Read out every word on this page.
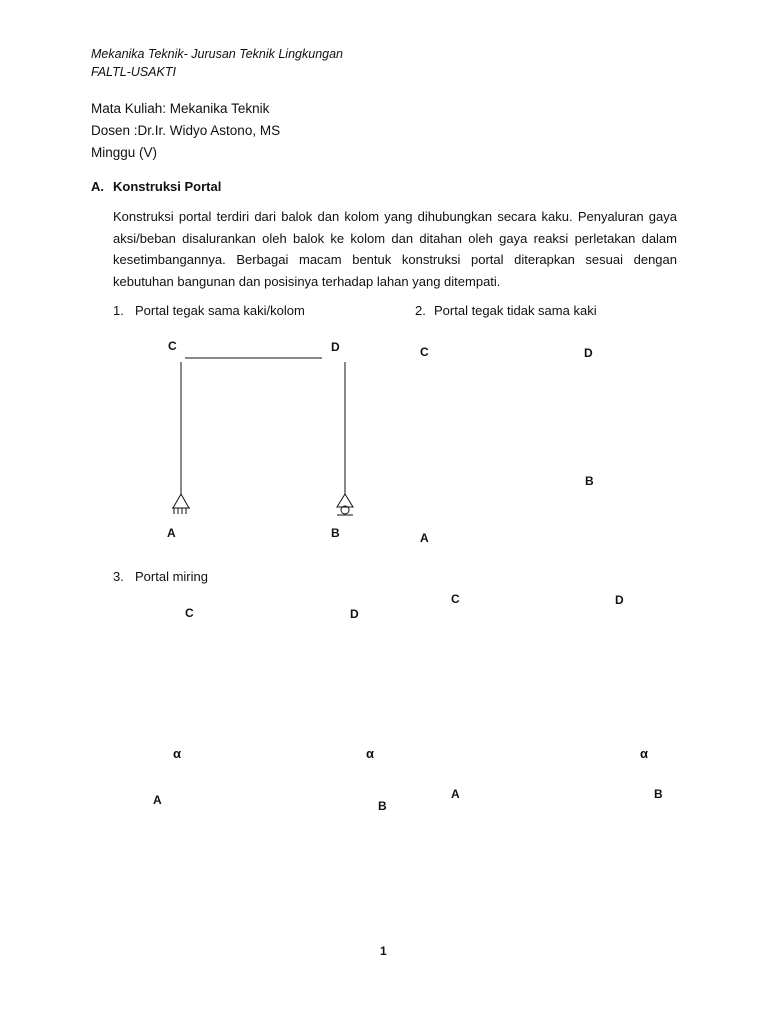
Mekanika Teknik- Jurusan Teknik Lingkungan
FALTL-USAKTI
Mata Kuliah: Mekanika Teknik
Dosen :Dr.Ir. Widyo Astono, MS
Minggu (V)
A. Konstruksi Portal
Konstruksi portal terdiri dari balok dan kolom yang dihubungkan secara kaku. Penyaluran gaya aksi/beban disalurankan oleh balok ke kolom dan ditahan oleh gaya reaksi perletakan dalam kesetimbangannya. Berbagai macam bentuk konstruksi portal diterapkan sesuai dengan kebutuhan bangunan dan posisinya terhadap lahan yang ditempati.
1. Portal tegak sama kaki/kolom	2. Portal tegak tidak sama kaki
3. Portal miring
C	D
A	B
C	D
B
A
C	D
α	α
A	B
C	D
α
A	B
1
